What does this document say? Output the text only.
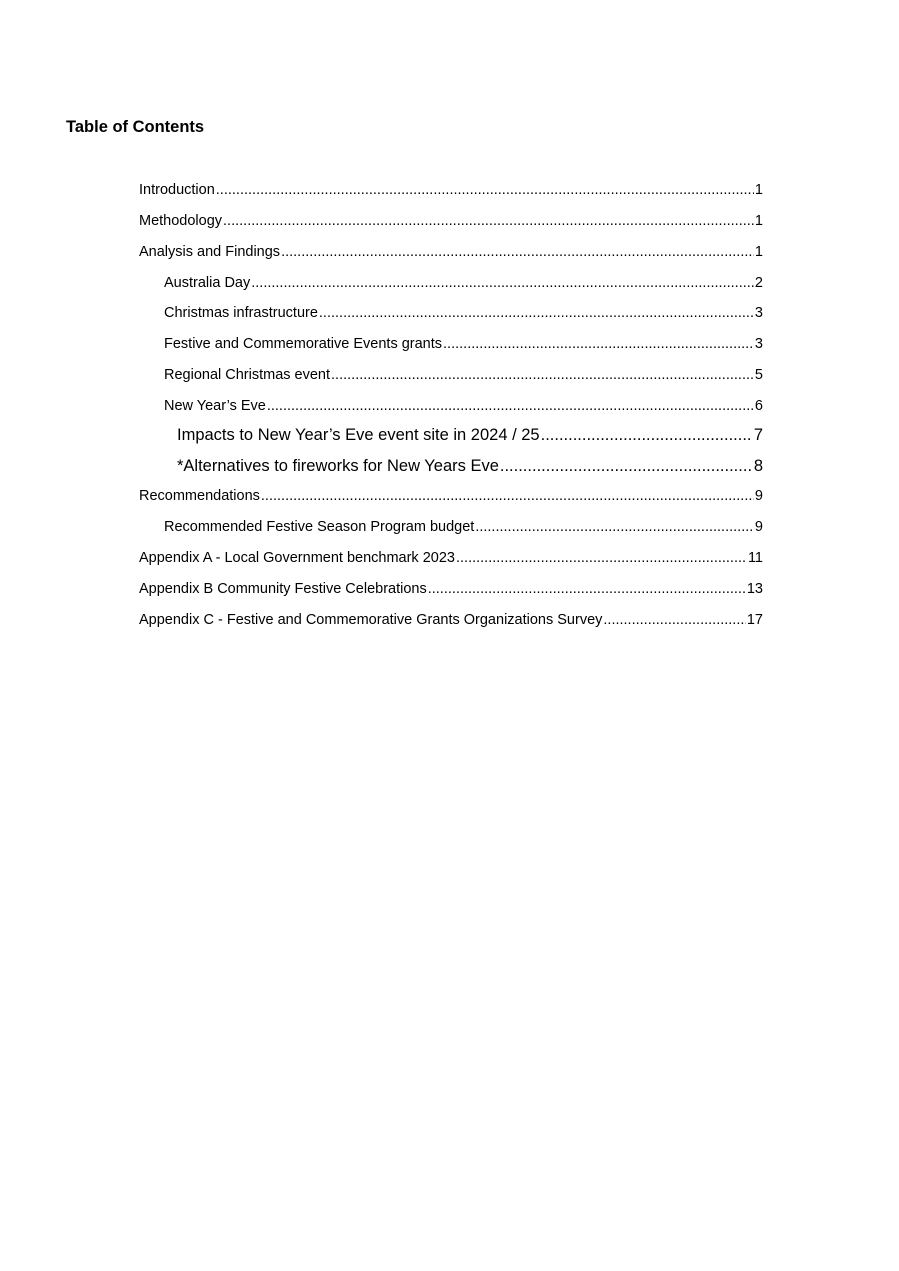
Table of Contents
Introduction .....	1
Methodology .....	1
Analysis and Findings .....	1
Australia Day .....	2
Christmas infrastructure .....	3
Festive and Commemorative Events grants .....	3
Regional Christmas event .....	5
New Year’s Eve .....	6
Impacts to New Year’s Eve event site in 2024 / 25 .....	7
*Alternatives to fireworks for New Years Eve .....	8
Recommendations .....	9
Recommended Festive Season Program budget .....	9
Appendix A - Local Government benchmark 2023 .....	11
Appendix B Community Festive Celebrations .....	13
Appendix C - Festive and Commemorative Grants Organizations Survey .....	17
